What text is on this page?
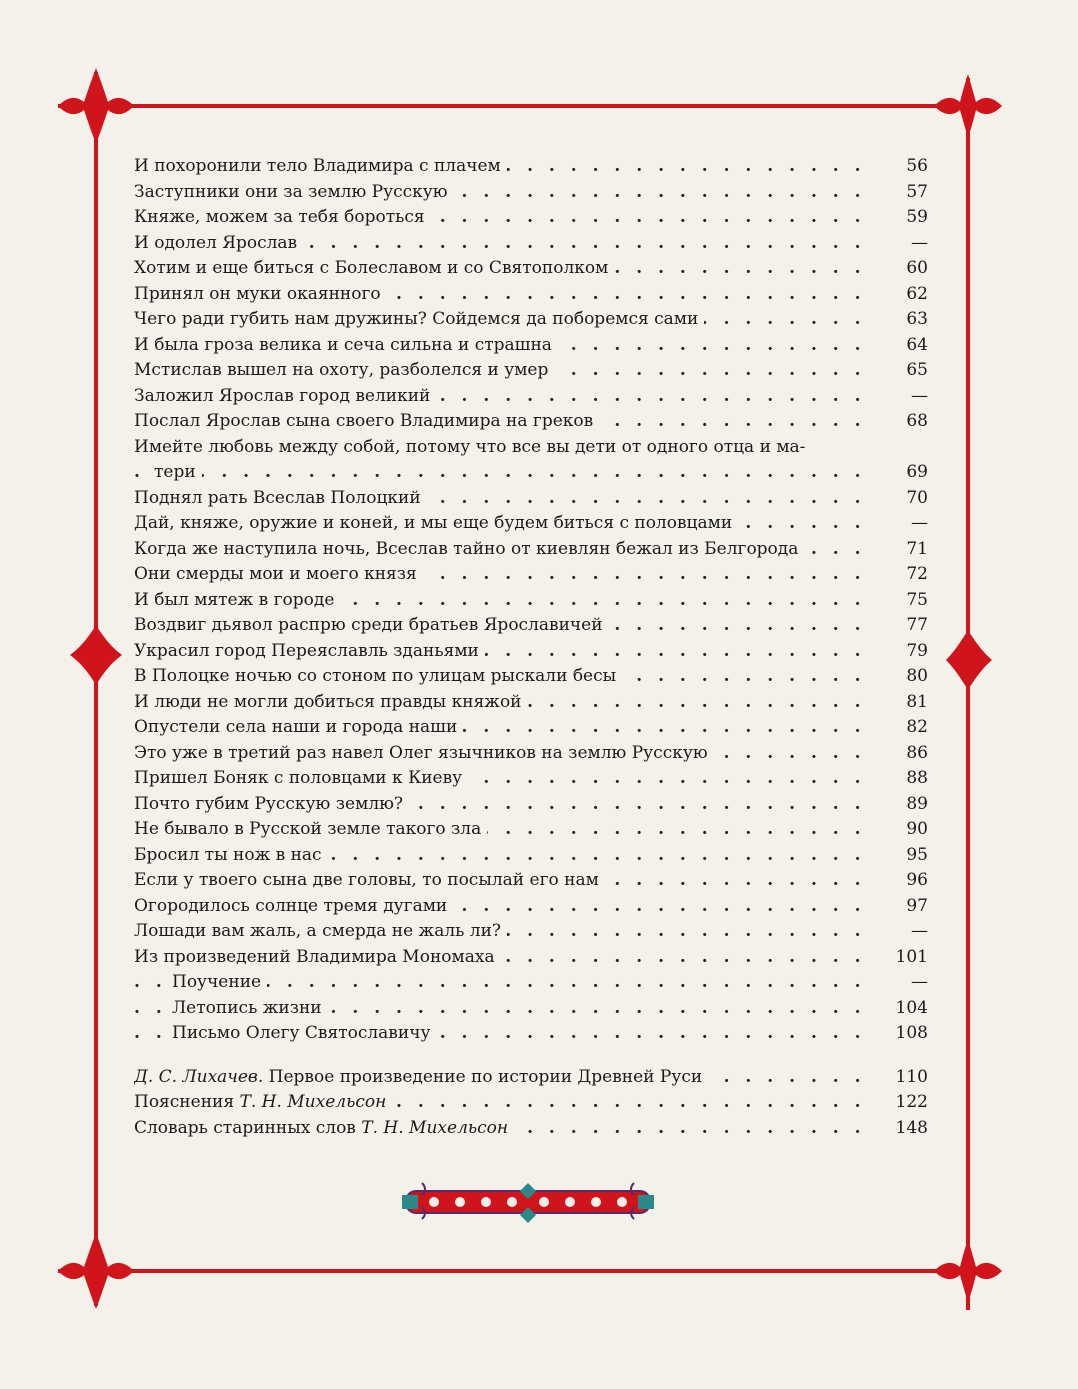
И похоронили тело Владимира с плачем . . .	56
Заступники они за землю Русскую . . .	57
Княже, можем за тебя бороться . . .	59
И одолел Ярослав . . .	—
Хотим и еще биться с Болеславом и со Святополком . . .	60
Принял он муки окаянного . . .	62
Чего ради губить нам дружины? Сойдемся да поборемся сами . . .	63
И была гроза велика и сеча сильна и страшна . . .	64
Мстислав вышел на охоту, разболелся и умер . . .	65
Заложил Ярослав город великий . . .	—
Послал Ярослав сына своего Владимира на греков . . .	68
Имейте любовь между собой, потому что все вы дети от одного отца и ма-
тери . . .	69
Поднял рать Всеслав Полоцкий . . .	70
Дай, княже, оружие и коней, и мы еще будем биться с половцами . . .	—
Когда же наступила ночь, Всеслав тайно от киевлян бежал из Белгорода . . .	71
Они смерды мои и моего князя . . .	72
И был мятеж в городе . . .	75
Воздвиг дьявол распрю среди братьев Ярославичей . . .	77
Украсил город Переяславль зданьями . . .	79
В Полоцке ночью со стоном по улицам рыскали бесы . . .	80
И люди не могли добиться правды княжой . . .	81
Опустели села наши и города наши . . .	82
Это уже в третий раз навел Олег язычников на землю Русскую . . .	86
Пришел Боняк с половцами к Киеву . . .	88
Почто губим Русскую землю? . . .	89
Не бывало в Русской земле такого зла . . .	90
Бросил ты нож в нас . . .	95
Если у твоего сына две головы, то посылай его нам . . .	96
Огородилось солнце тремя дугами . . .	97
Лошади вам жаль, а смерда не жаль ли? . . .	—
Из произведений Владимира Мономаха . . .	101
Поучение . . .	—
Летопись жизни . . .	104
Письмо Олегу Святославичу . . .	108
Д. С. Лихачев. Первое произведение по истории Древней Руси . . .	110
Пояснения Т. Н. Михельсон . . .	122
Словарь старинных слов Т. Н. Михельсон . . .	148
